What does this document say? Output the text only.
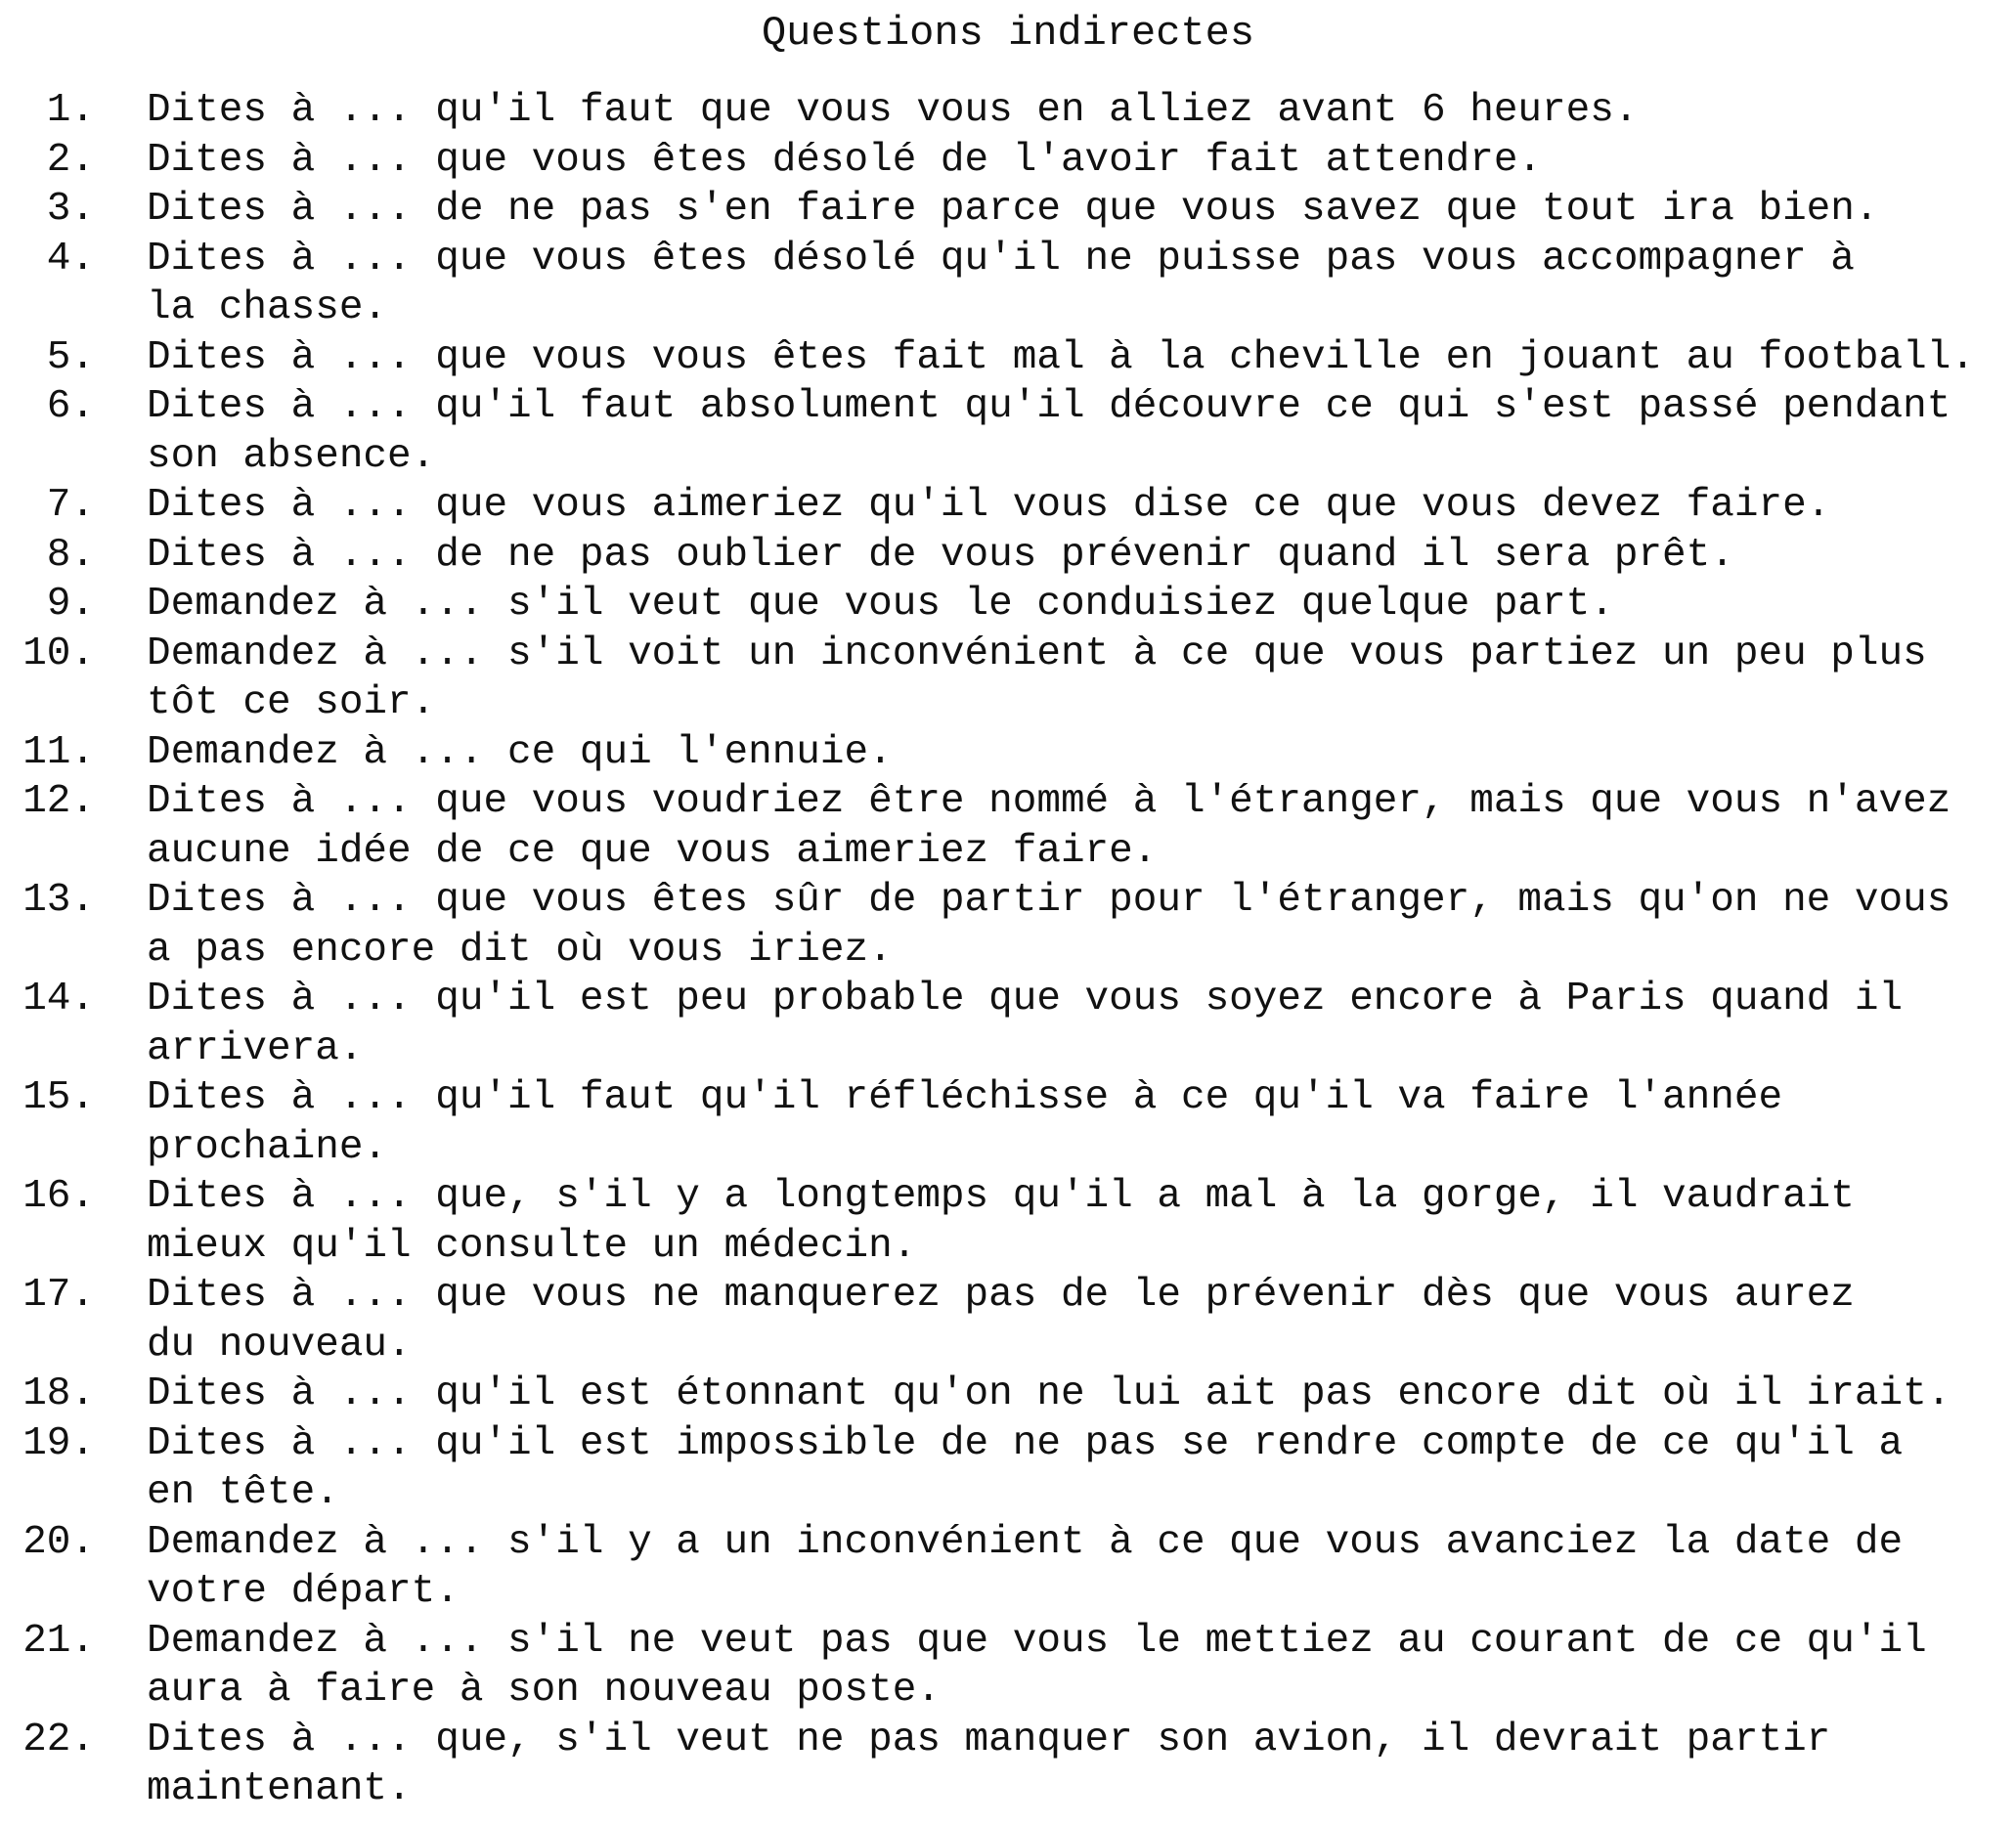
Questions indirectes
1. Dites à ... qu'il faut que vous vous en alliez avant 6 heures.
2. Dites à ... que vous êtes désolé de l'avoir fait attendre.
3. Dites à ... de ne pas s'en faire parce que vous savez que tout ira bien.
4. Dites à ... que vous êtes désolé qu'il ne puisse pas vous accompagner à
la chasse.
5. Dites à ... que vous vous êtes fait mal à la cheville en jouant au football.
6. Dites à ... qu'il faut absolument qu'il découvre ce qui s'est passé pendant
son absence.
7. Dites à ... que vous aimeriez qu'il vous dise ce que vous devez faire.
8. Dites à ... de ne pas oublier de vous prévenir quand il sera prêt.
9. Demandez à ... s'il veut que vous le conduisiez quelque part.
10. Demandez à ... s'il voit un inconvénient à ce que vous partiez un peu plus
tôt ce soir.
11. Demandez à ... ce qui l'ennuie.
12. Dites à ... que vous voudriez être nommé à l'étranger, mais que vous n'avez
aucune idée de ce que vous aimeriez faire.
13. Dites à ... que vous êtes sûr de partir pour l'étranger, mais qu'on ne vous
a pas encore dit où vous iriez.
14. Dites à ... qu'il est peu probable que vous soyez encore à Paris quand il
arrivera.
15. Dites à ... qu'il faut qu'il réfléchisse à ce qu'il va faire l'année
prochaine.
16. Dites à ... que, s'il y a longtemps qu'il a mal à la gorge, il vaudrait
mieux qu'il consulte un médecin.
17. Dites à ... que vous ne manquerez pas de le prévenir dès que vous aurez
du nouveau.
18. Dites à ... qu'il est étonnant qu'on ne lui ait pas encore dit où il irait.
19. Dites à ... qu'il est impossible de ne pas se rendre compte de ce qu'il a
en tête.
20. Demandez à ... s'il y a un inconvénient à ce que vous avanciez la date de
votre départ.
21. Demandez à ... s'il ne veut pas que vous le mettiez au courant de ce qu'il
aura à faire à son nouveau poste.
22. Dites à ... que, s'il veut ne pas manquer son avion, il devrait partir
maintenant.
